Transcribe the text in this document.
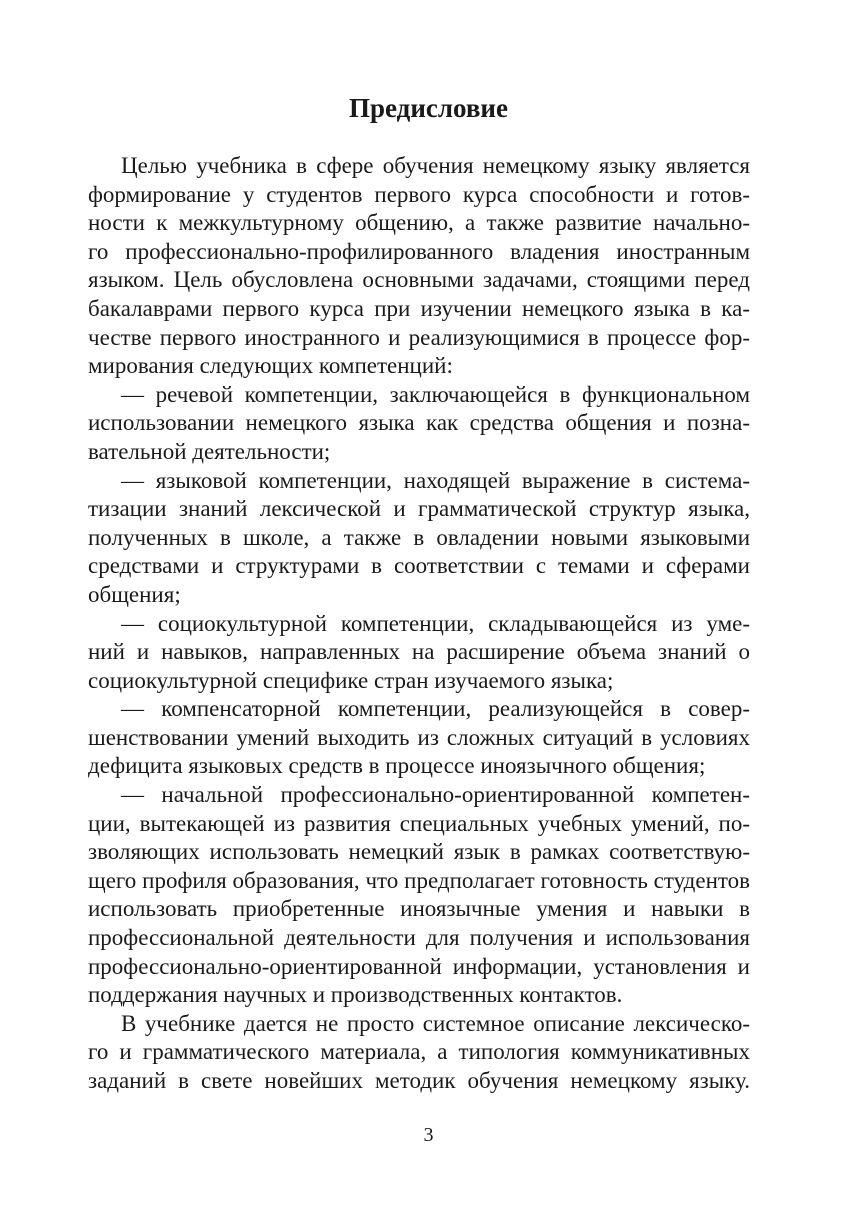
Предисловие
Целью учебника в сфере обучения немецкому языку является
формирование у студентов первого курса способности и готов-
ности к межкультурному общению, а также развитие начально-
го профессионально-профилированного владения иностранным
языком. Цель обусловлена основными задачами, стоящими перед
бакалаврами первого курса при изучении немецкого языка в ка-
честве первого иностранного и реализующимися в процессе фор-
мирования следующих компетенций:
— речевой компетенции, заключающейся в функциональном
использовании немецкого языка как средства общения и позна-
вательной деятельности;
— языковой компетенции, находящей выражение в система-
тизации знаний лексической и грамматической структур языка,
полученных в школе, а также в овладении новыми языковыми
средствами и структурами в соответствии с темами и сферами
общения;
— социокультурной компетенции, складывающейся из уме-
ний и навыков, направленных на расширение объема знаний о
социокультурной специфике стран изучаемого языка;
— компенсаторной компетенции, реализующейся в совер-
шенствовании умений выходить из сложных ситуаций в условиях
дефицита языковых средств в процессе иноязычного общения;
— начальной профессионально-ориентированной компетен-
ции, вытекающей из развития специальных учебных умений, по-
зволяющих использовать немецкий язык в рамках соответствую-
щего профиля образования, что предполагает готовность студентов
использовать приобретенные иноязычные умения и навыки в
профессиональной деятельности для получения и использования
профессионально-ориентированной информации, установления и
поддержания научных и производственных контактов.
В учебнике дается не просто системное описание лексическо-
го и грамматического материала, а типология коммуникативных
заданий в свете новейших методик обучения немецкому языку.
3
